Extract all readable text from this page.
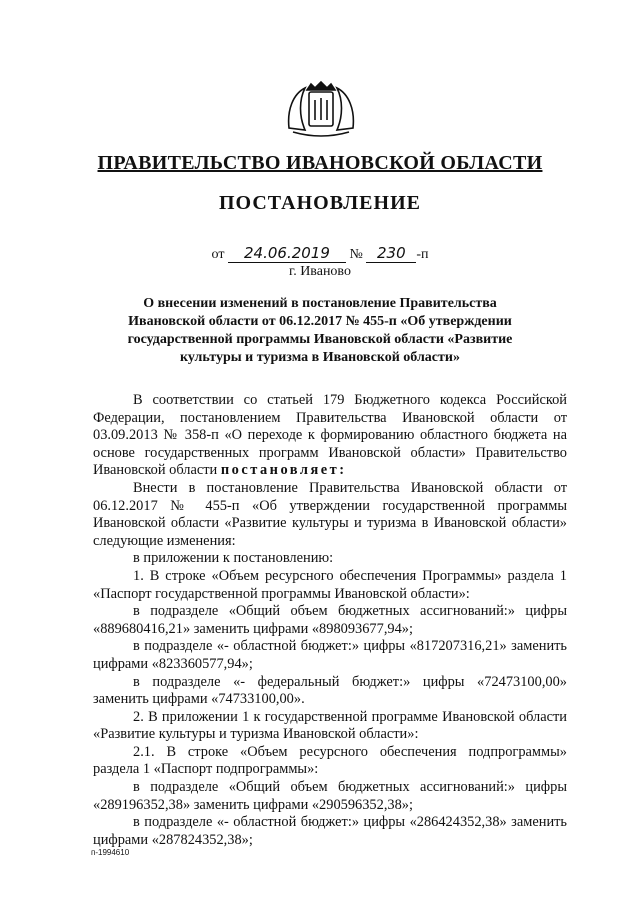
ПРАВИТЕЛЬСТВО ИВАНОВСКОЙ ОБЛАСТИ
ПОСТАНОВЛЕНИЕ
от 24.06.2019 № 230 -п
г. Иваново
О внесении изменений в постановление Правительства Ивановской области от 06.12.2017 № 455-п «Об утверждении государственной программы Ивановской области «Развитие культуры и туризма в Ивановской области»

В соответствии со статьей 179 Бюджетного кодекса Российской Федерации, постановлением Правительства Ивановской области от 03.09.2013 № 358-п «О переходе к формированию областного бюджета на основе государственных программ Ивановской области» Правительство Ивановской области постановляет:

Внести в постановление Правительства Ивановской области от 06.12.2017 № 455-п «Об утверждении государственной программы Ивановской области «Развитие культуры и туризма в Ивановской области» следующие изменения:

в приложении к постановлению:

1. В строке «Объем ресурсного обеспечения Программы» раздела 1 «Паспорт государственной программы Ивановской области»:

в подразделе «Общий объем бюджетных ассигнований:» цифры «889680416,21» заменить цифрами «898093677,94»;

в подразделе «- областной бюджет:» цифры «817207316,21» заменить цифрами «823360577,94»;

в подразделе «- федеральный бюджет:» цифры «72473100,00» заменить цифрами «74733100,00».

2. В приложении 1 к государственной программе Ивановской области «Развитие культуры и туризма Ивановской области»:

2.1. В строке «Объем ресурсного обеспечения подпрограммы» раздела 1 «Паспорт подпрограммы»:

в подразделе «Общий объем бюджетных ассигнований:» цифры «289196352,38» заменить цифрами «290596352,38»;

в подразделе «- областной бюджет:» цифры «286424352,38» заменить цифрами «287824352,38»;

п-1994610
